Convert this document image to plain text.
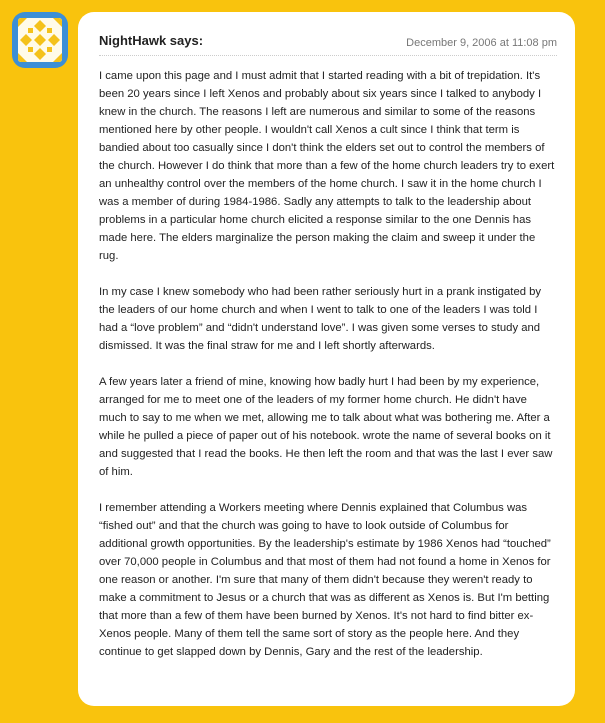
NightHawk says:	December 9, 2006 at 11:08 pm

I came upon this page and I must admit that I started reading with a bit of trepidation. It's been 20 years since I left Xenos and probably about six years since I talked to anybody I knew in the church. The reasons I left are numerous and similar to some of the reasons mentioned here by other people. I wouldn't call Xenos a cult since I think that term is bandied about too casually since I don't think the elders set out to control the members of the church. However I do think that more than a few of the home church leaders try to exert an unhealthy control over the members of the home church. I saw it in the home church I was a member of during 1984-1986. Sadly any attempts to talk to the leadership about problems in a particular home church elicited a response similar to the one Dennis has made here. The elders marginalize the person making the claim and sweep it under the rug.

In my case I knew somebody who had been rather seriously hurt in a prank instigated by the leaders of our home church and when I went to talk to one of the leaders I was told I had a “love problem” and “didn't understand love”. I was given some verses to study and dismissed. It was the final straw for me and I left shortly afterwards.

A few years later a friend of mine, knowing how badly hurt I had been by my experience, arranged for me to meet one of the leaders of my former home church. He didn't have much to say to me when we met, allowing me to talk about what was bothering me. After a while he pulled a piece of paper out of his notebook. wrote the name of several books on it and suggested that I read the books. He then left the room and that was the last I ever saw of him.

I remember attending a Workers meeting where Dennis explained that Columbus was “fished out” and that the church was going to have to look outside of Columbus for additional growth opportunities. By the leadership's estimate by 1986 Xenos had “touched” over 70,000 people in Columbus and that most of them had not found a home in Xenos for one reason or another. I'm sure that many of them didn't because they weren't ready to make a commitment to Jesus or a church that was as different as Xenos is. But I'm betting that more than a few of them have been burned by Xenos. It's not hard to find bitter ex-Xenos people. Many of them tell the same sort of story as the people here. And they continue to get slapped down by Dennis, Gary and the rest of the leadership.
